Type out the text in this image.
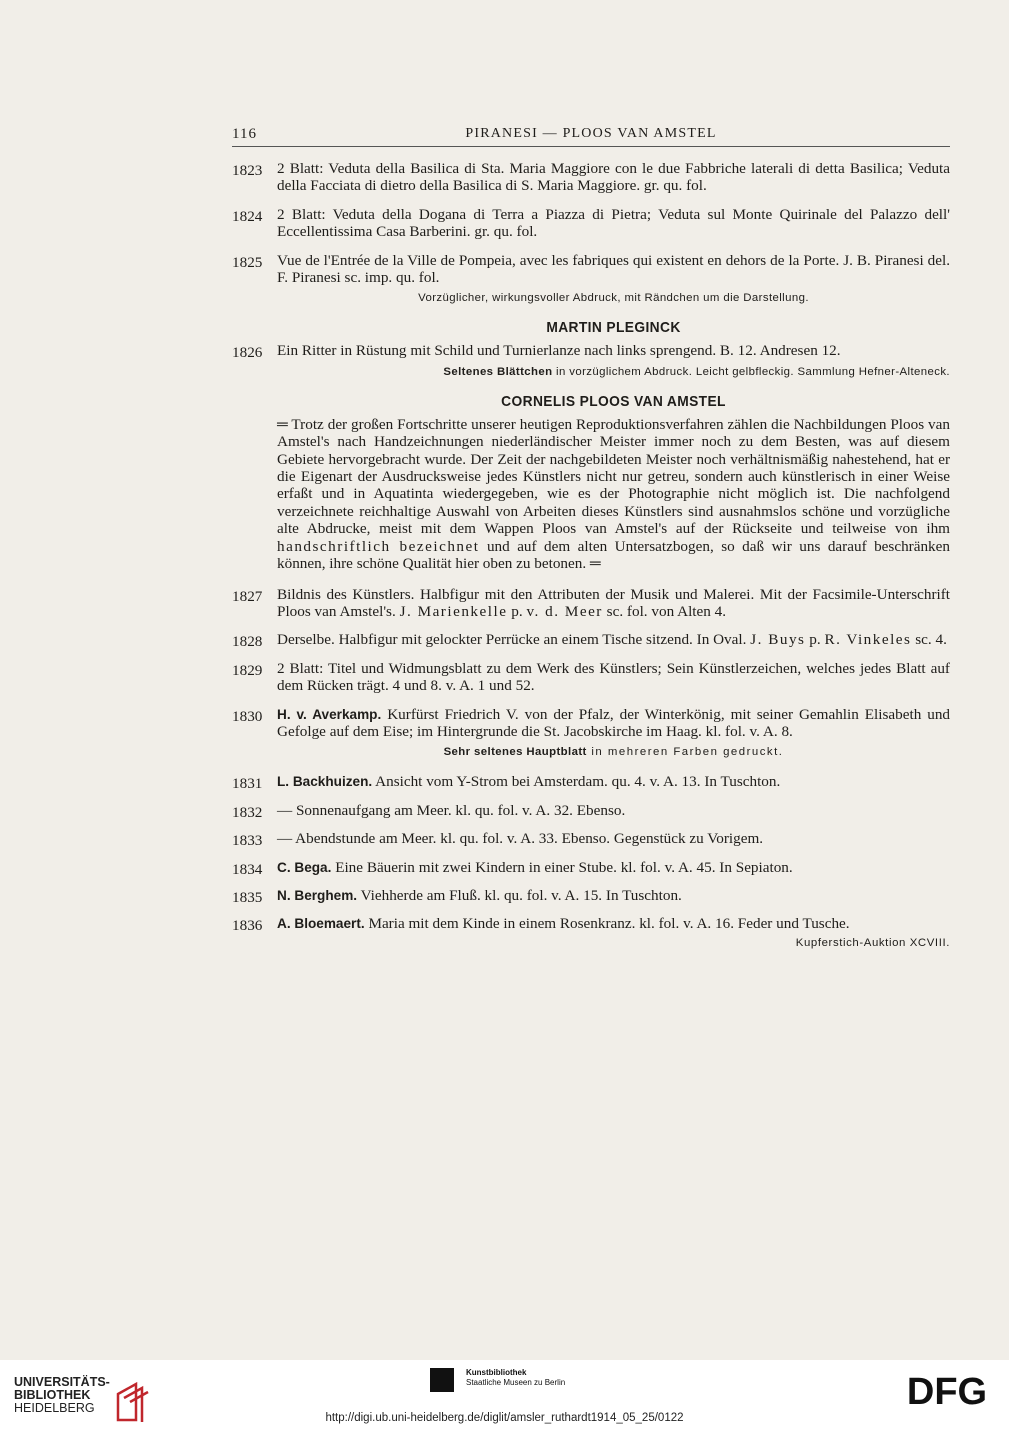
116	PIRANESI — PLOOS VAN AMSTEL
1823 2 Blatt: Veduta della Basilica di Sta. Maria Maggiore con le due Fabbriche laterali di detta Basilica; Veduta della Facciata di dietro della Basilica di S. Maria Maggiore. gr. qu. fol.
1824 2 Blatt: Veduta della Dogana di Terra a Piazza di Pietra; Veduta sul Monte Quirinale del Palazzo dell' Eccellentissima Casa Barberini. gr. qu. fol.
1825 Vue de l'Entrée de la Ville de Pompeia, avec les fabriques qui existent en dehors de la Porte. J. B. Piranesi del. F. Piranesi sc. imp. qu. fol.
Vorzüglicher, wirkungsvoller Abdruck, mit Rändchen um die Darstellung.
MARTIN PLEGINCK
1826 Ein Ritter in Rüstung mit Schild und Turnierlanze nach links sprengend. B. 12. Andresen 12.
Seltenes Blättchen in vorzüglichem Abdruck. Leicht gelbfleckig. Sammlung Hefner-Alteneck.
CORNELIS PLOOS VAN AMSTEL
═ Trotz der großen Fortschritte unserer heutigen Reproduktionsverfahren zählen die Nachbildungen Ploos van Amstel's nach Handzeichnungen niederländischer Meister immer noch zu dem Besten, was auf diesem Gebiete hervorgebracht wurde. Der Zeit der nachgebildeten Meister noch verhältnismäßig nahestehend, hat er die Eigenart der Ausdrucksweise jedes Künstlers nicht nur getreu, sondern auch künstlerisch in einer Weise erfaßt und in Aquatinta wiedergegeben, wie es der Photographie nicht möglich ist. Die nachfolgend verzeichnete reichhaltige Auswahl von Arbeiten dieses Künstlers sind ausnahmslos schöne und vorzügliche alte Abdrucke, meist mit dem Wappen Ploos van Amstel's auf der Rückseite und teilweise von ihm handschriftlich bezeichnet und auf dem alten Untersatzbogen, so daß wir uns darauf beschränken können, ihre schöne Qualität hier oben zu betonen. ═
1827 Bildnis des Künstlers. Halbfigur mit den Attributen der Musik und Malerei. Mit der Facsimile-Unterschrift Ploos van Amstel's. J. Marienkelle p. v. d. Meer sc. fol. von Alten 4.
1828 Derselbe. Halbfigur mit gelockter Perrücke an einem Tische sitzend. In Oval. J. Buys p. R. Vinkeles sc. 4.
1829 2 Blatt: Titel und Widmungsblatt zu dem Werk des Künstlers; Sein Künstlerzeichen, welches jedes Blatt auf dem Rücken trägt. 4 und 8. v. A. 1 und 52.
1830 H. v. Averkamp. Kurfürst Friedrich V. von der Pfalz, der Winterkönig, mit seiner Gemahlin Elisabeth und Gefolge auf dem Eise; im Hintergrunde die St. Jacobskirche im Haag. kl. fol. v. A. 8.
Sehr seltenes Hauptblatt in mehreren Farben gedruckt.
1831 L. Backhuizen. Ansicht vom Y-Strom bei Amsterdam. qu. 4. v. A. 13. In Tuschton.
1832 — Sonnenaufgang am Meer. kl. qu. fol. v. A. 32. Ebenso.
1833 — Abendstunde am Meer. kl. qu. fol. v. A. 33. Ebenso. Gegenstück zu Vorigem.
1834 C. Bega. Eine Bäuerin mit zwei Kindern in einer Stube. kl. fol. v. A. 45. In Sepiaton.
1835 N. Berghem. Viehherde am Fluß. kl. qu. fol. v. A. 15. In Tuschton.
1836 A. Bloemaert. Maria mit dem Kinde in einem Rosenkranz. kl. fol. v. A. 16. Feder und Tusche.
Kupferstich-Auktion XCVIII.
UNIVERSITÄTS-
BIBLIOTHEK
HEIDELBERG
Kunstbibliothek
Staatliche Museen zu Berlin	DFG
http://digi.ub.uni-heidelberg.de/diglit/amsler_ruthardt1914_05_25/0122
